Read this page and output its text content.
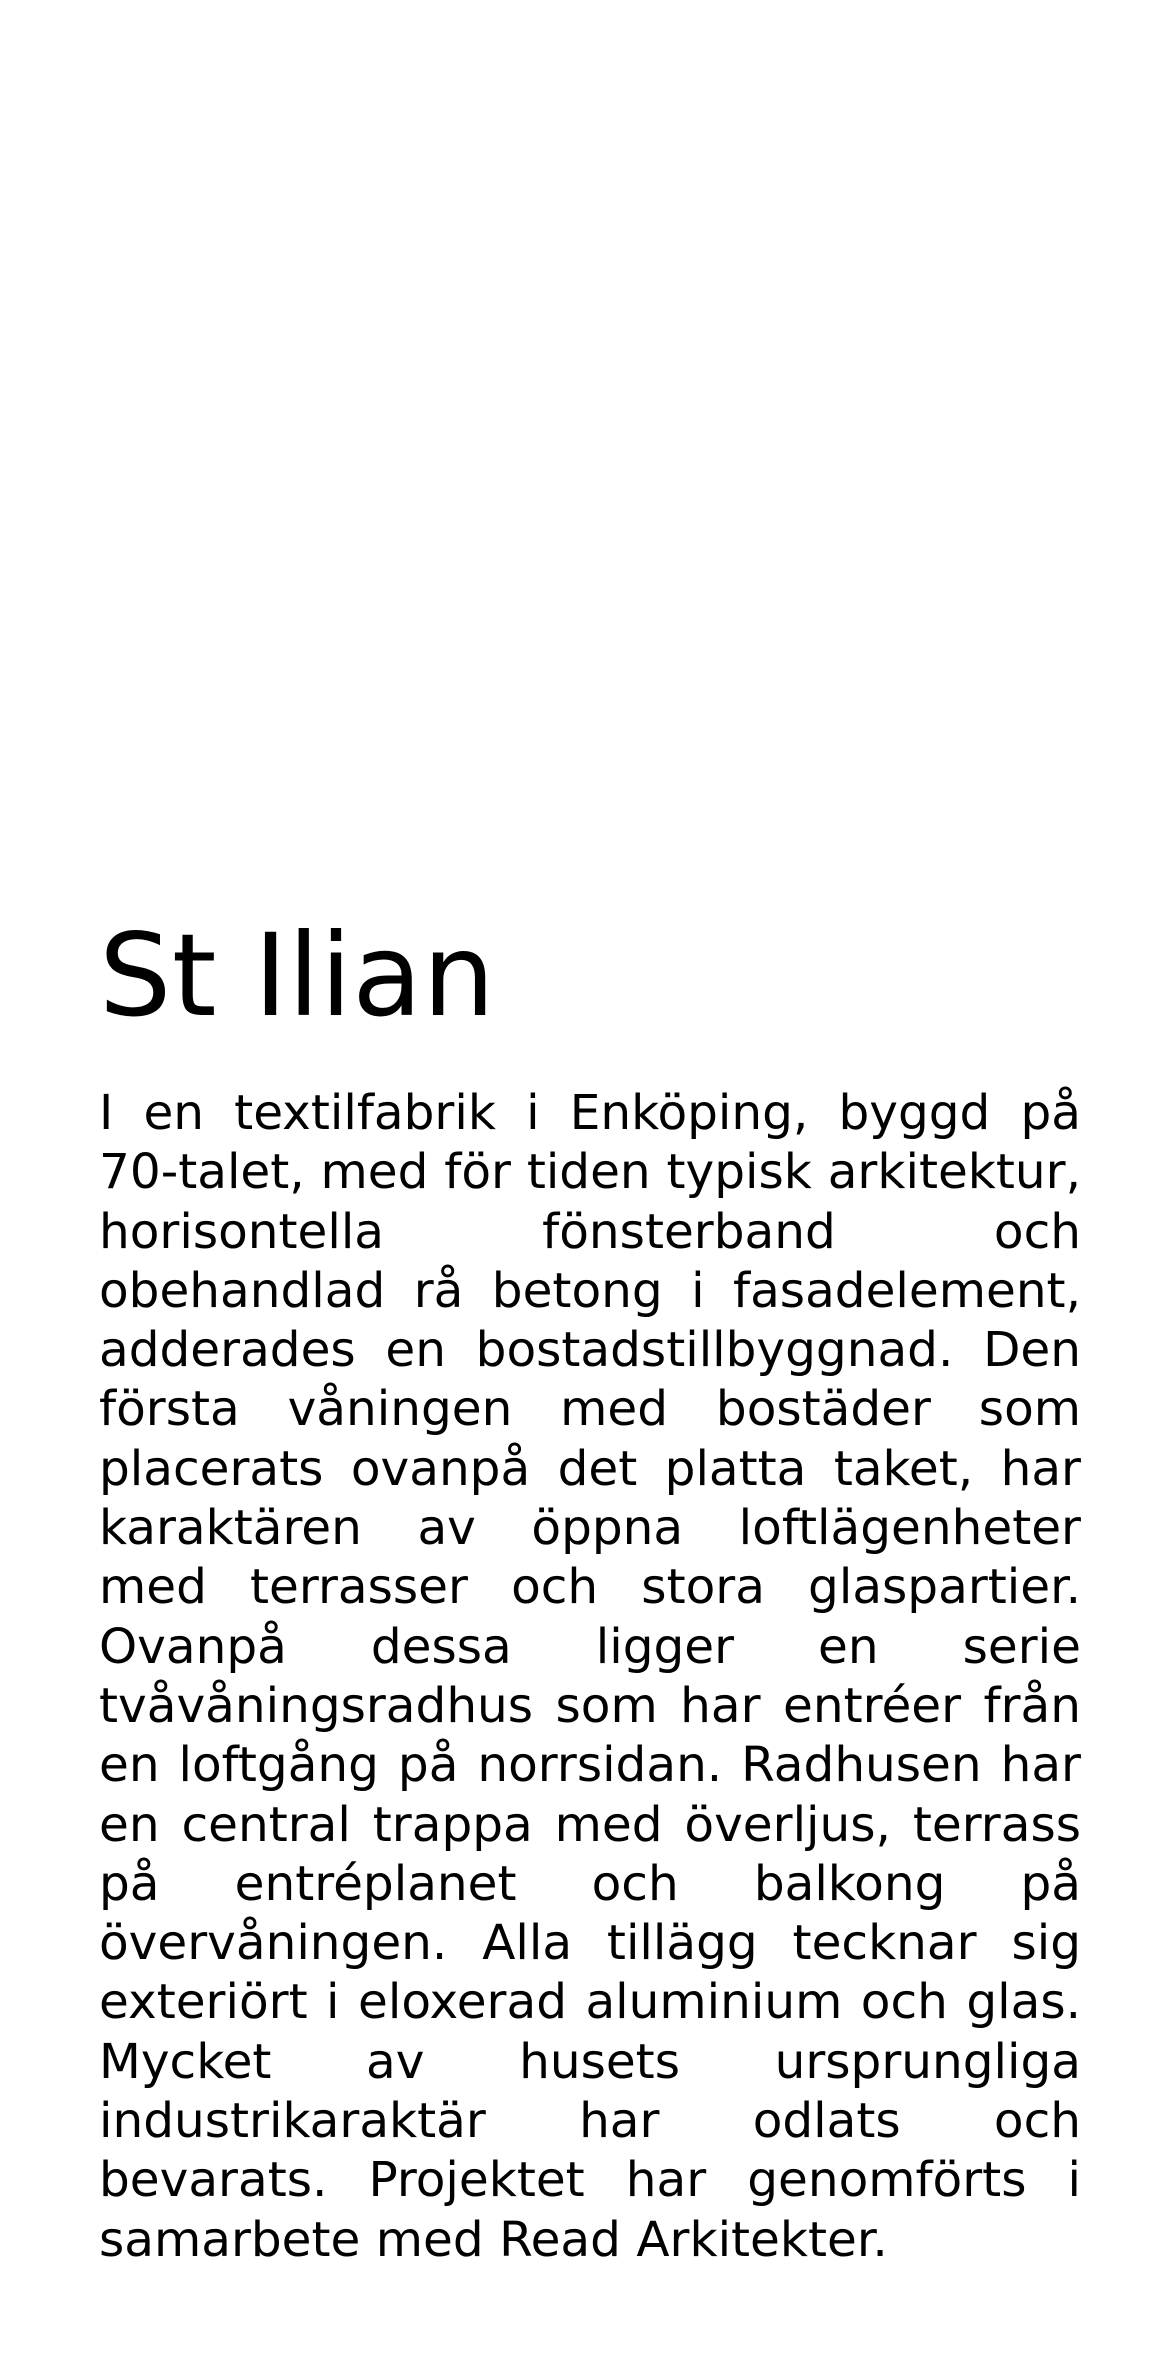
St Ilian

I en textilfabrik i Enköping, byggd på 70-talet, med för tiden typisk arkitektur, horisontella fönsterband och obehandlad rå betong i fasadelement, adderades en bostadstillbyggnad. Den första våningen med bostäder som placerats ovanpå det platta taket, har karaktären av öppna loftlägenheter med terrasser och stora glaspartier. Ovanpå dessa ligger en serie tvåvåningsradhus som har entréer från en loftgång på norrsidan. Radhusen har en central trappa med överljus, terrass på entréplanet och balkong på övervåningen. Alla tillägg tecknar sig exteriört i eloxerad aluminium och glas. Mycket av husets ursprungliga industrikaraktär har odlats och bevarats. Projektet har genomförts i samarbete med Read Arkitekter.
